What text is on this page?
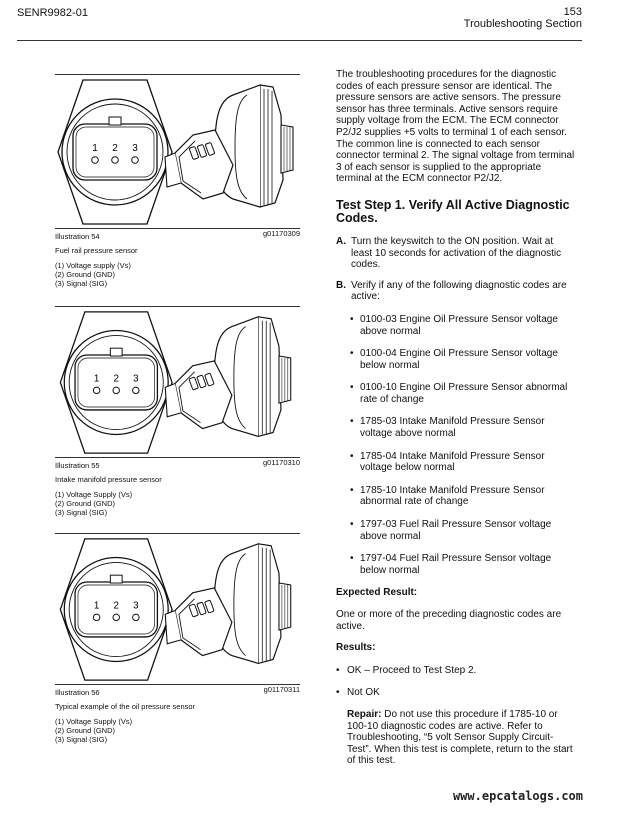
SENR9982-01	153
Troubleshooting Section
1 2 3
Illustration 54	g01170309
Fuel rail pressure sensor
(1) Voltage supply (Vs)
(2) Ground (GND)
(3) Signal (SIG)
1 2 3
Illustration 55	g01170310
Intake manifold pressure sensor
(1) Voltage Supply (Vs)
(2) Ground (GND)
(3) Signal (SIG)
1 2 3
Illustration 56	g01170311
Typical example of the oil pressure sensor
(1) Voltage Supply (Vs)
(2) Ground (GND)
(3) Signal (SIG)

The troubleshooting procedures for the diagnostic codes of each pressure sensor are identical. The pressure sensors are active sensors. The pressure sensor has three terminals. Active sensors require supply voltage from the ECM. The ECM connector P2/J2 supplies +5 volts to terminal 1 of each sensor. The common line is connected to each sensor connector terminal 2. The signal voltage from terminal 3 of each sensor is supplied to the appropriate terminal at the ECM connector P2/J2.

Test Step 1. Verify All Active Diagnostic Codes.
A. Turn the keyswitch to the ON position. Wait at least 10 seconds for activation of the diagnostic codes.
B. Verify if any of the following diagnostic codes are active:
• 0100-03 Engine Oil Pressure Sensor voltage above normal
• 0100-04 Engine Oil Pressure Sensor voltage below normal
• 0100-10 Engine Oil Pressure Sensor abnormal rate of change
• 1785-03 Intake Manifold Pressure Sensor voltage above normal
• 1785-04 Intake Manifold Pressure Sensor voltage below normal
• 1785-10 Intake Manifold Pressure Sensor abnormal rate of change
• 1797-03 Fuel Rail Pressure Sensor voltage above normal
• 1797-04 Fuel Rail Pressure Sensor voltage below normal
Expected Result:
One or more of the preceding diagnostic codes are active.
Results:
• OK – Proceed to Test Step 2.
• Not OK
Repair: Do not use this procedure if 1785-10 or 100-10 diagnostic codes are active. Refer to Troubleshooting, “5 volt Sensor Supply Circuit-Test”. When this test is complete, return to the start of this test.
www.epcatalogs.com
